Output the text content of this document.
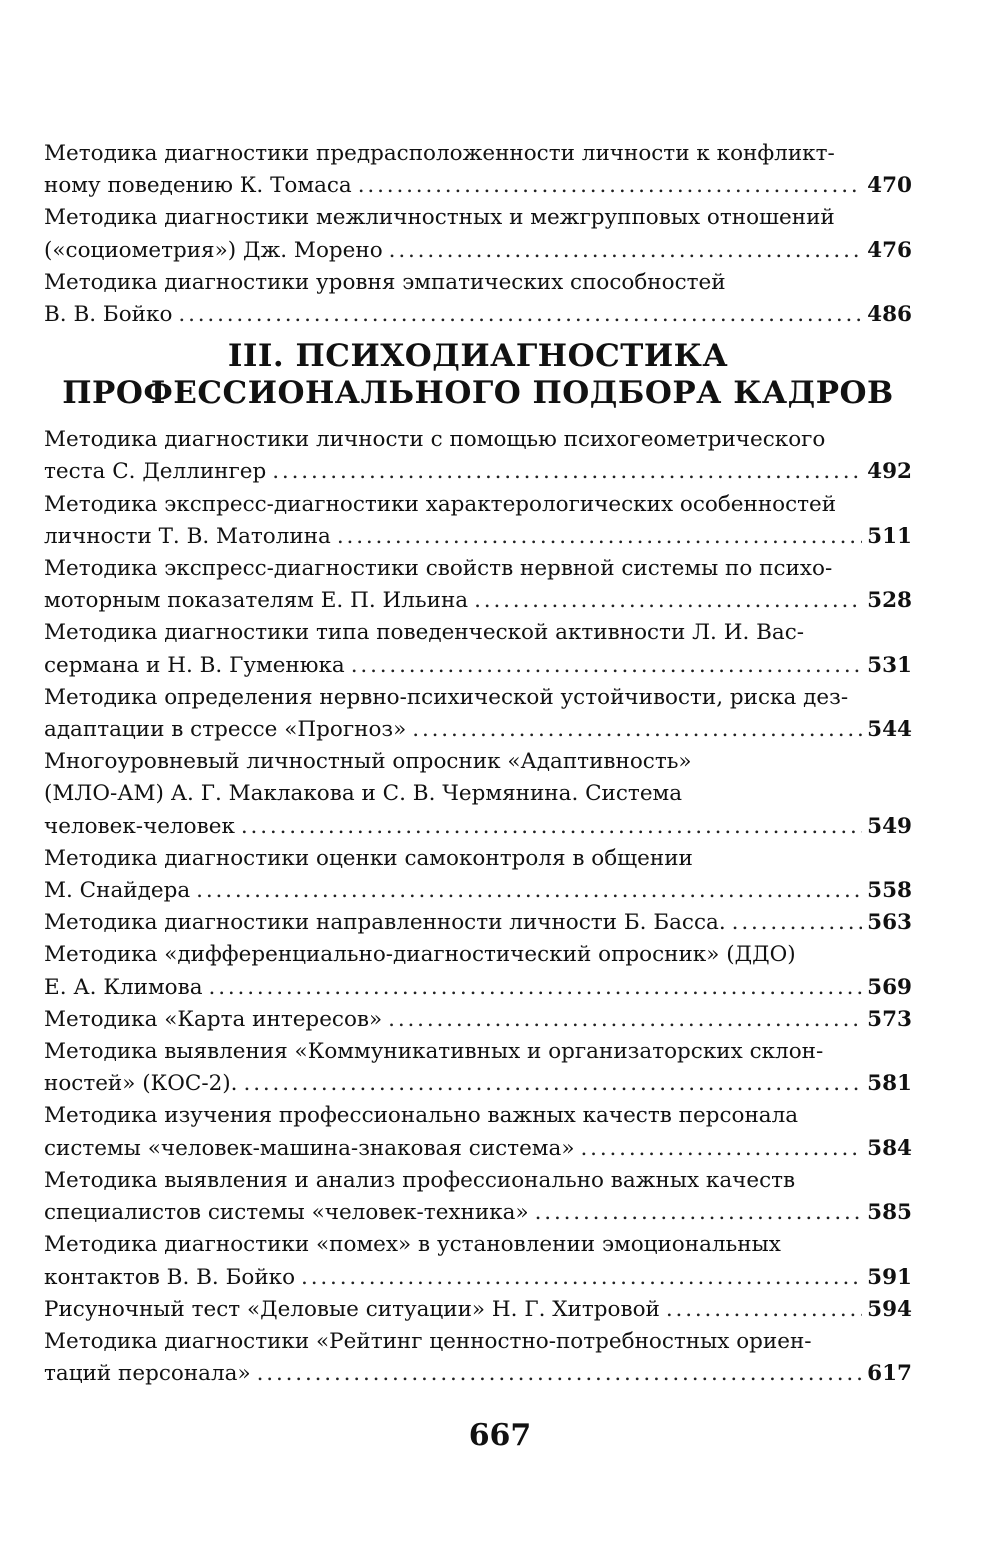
Методика диагностики предрасположенности личности к конфликт-
ному поведению К. Томаса . . .	470
Методика диагностики межличностных и межгрупповых отношений
(«социометрия») Дж. Морено . . .	476
Методика диагностики уровня эмпатических способностей
В. В. Бойко . . .	486
III. ПСИХОДИАГНОСТИКА
ПРОФЕССИОНАЛЬНОГО ПОДБОРА КАДРОВ
Методика диагностики личности с помощью психогеометрического
теста С. Деллингер . . .	492
Методика экспресс-диагностики характерологических особенностей
личности Т. В. Матолина . . .	511
Методика экспресс-диагностики свойств нервной системы по психо-
моторным показателям Е. П. Ильина . . .	528
Методика диагностики типа поведенческой активности Л. И. Вас-
сермана и Н. В. Гуменюка . . .	531
Методика определения нервно-психической устойчивости, риска дез-
адаптации в стрессе «Прогноз» . . .	544
Многоуровневый личностный опросник «Адаптивность»
(МЛО-АМ) А. Г. Маклакова и С. В. Чермянина. Система
человек-человек . . .	549
Методика диагностики оценки самоконтроля в общении
М. Снайдера . . .	558
Методика диагностики направленности личности Б. Басса. . . .	563
Методика «дифференциально-диагностический опросник» (ДДО)
Е. А. Климова . . .	569
Методика «Карта интересов» . . .	573
Методика выявления «Коммуникативных и организаторских склон-
ностей» (КОС-2). . . .	581
Методика изучения профессионально важных качеств персонала
системы «человек-машина-знаковая система» . . .	584
Методика выявления и анализ профессионально важных качеств
специалистов системы «человек-техника» . . .	585
Методика диагностики «помех» в установлении эмоциональных
контактов В. В. Бойко . . .	591
Рисуночный тест «Деловые ситуации» Н. Г. Хитровой . . .	594
Методика диагностики «Рейтинг ценностно-потребностных ориен-
таций персонала» . . .	617
667
